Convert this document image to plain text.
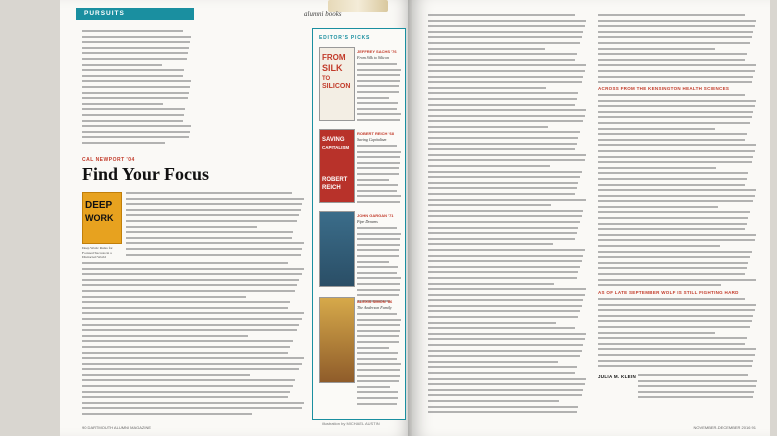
PURSUITS	alumni books
CAL NEWPORT '04
Find Your Focus
DEEP
WORK
Deep Work: Rules for Focused Success in a Distracted World
EDITOR'S PICKS
FROM
SILK
TO
SILICON
JEFFREY SACHS '76
From Silk to Silicon
SAVING
CAPITALISM
ROBERT
REICH
ROBERT REICH '68
Saving Capitalism
JOHN GARGAN '71
Pipe Dreams
ALEXIS SIMON '86
The Anderson Family
illustration by MICHAEL AUSTIN
90 DARTMOUTH ALUMNI MAGAZINE
ACROSS FROM THE KENSINGTON HEALTH SCIENCES
AS OF LATE SEPTEMBER WOLF IS STILL FIGHTING HARD
JULIA M. KLEIN
NOVEMBER-DECEMBER 2016 91
